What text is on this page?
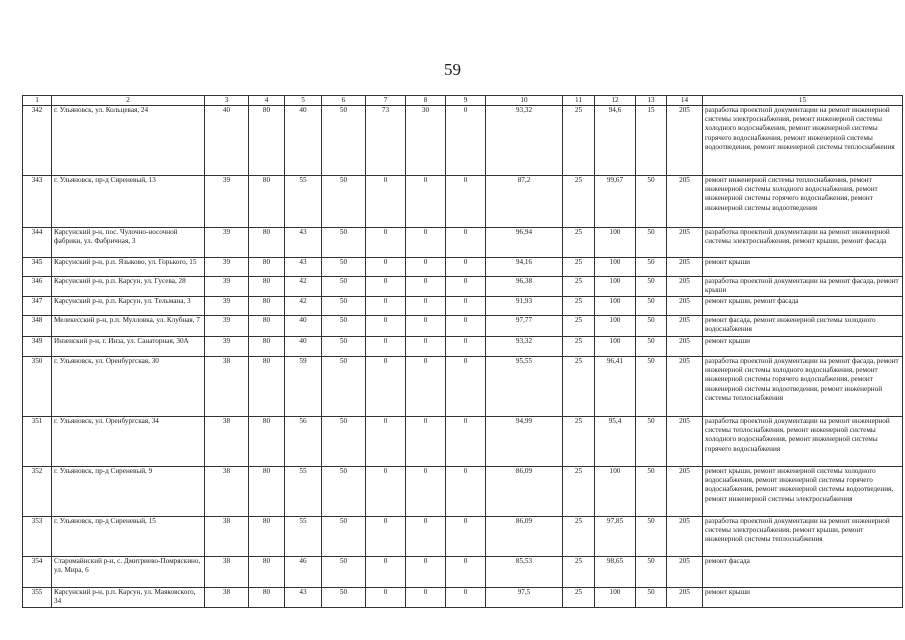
59
1	2	3	4	5	6	7	8	9	10	11	12	13	14	15
342	г. Ульяновск, ул. Кольцевая, 24	40	80	40	50	73	30	0	93,32	25	94,6	15	205	разработка проектной документации на ремонт инженерной системы электроснабжения, ремонт инженерной системы холодного водоснабжения, ремонт инженерной системы горячего водоснабжения, ремонт инженерной системы водоотведения, ремонт инженерной системы теплоснабжения
343	г. Ульяновск, пр-д Сиреневый, 13	39	80	55	50	0	0	0	87,2	25	99,67	50	205	ремонт инженерной системы теплоснабжения, ремонт инженерной системы холодного водоснабжения, ремонт инженерной системы горячего водоснабжения, ремонт инженерной системы водоотведения
344	Карсунский р-н, пос. Чулочно-носочной фабрики, ул. Фабричная, 3	39	80	43	50	0	0	0	96,94	25	100	50	205	разработка проектной документации на ремонт инженерной системы электроснабжения, ремонт крыши, ремонт фасада
345	Карсунский р-н, р.п. Языково, ул. Горького, 15	39	80	43	50	0	0	0	94,16	25	100	50	205	ремонт крыши
346	Карсунский р-н, р.п. Карсун, ул. Гусева, 28	39	80	42	50	0	0	0	96,38	25	100	50	205	разработка проектной документации на ремонт фасада, ремонт крыши
347	Карсунский р-н, р.п. Карсун, ул. Тельмана, 3	39	80	42	50	0	0	0	91,93	25	100	50	205	ремонт крыши, ремонт фасада
348	Мелекесский р-н, р.п. Мулловка, ул. Клубная, 7	39	80	40	50	0	0	0	97,77	25	100	50	205	ремонт фасада, ремонт инженерной системы холодного водоснабжения
349	Инзенский р-н, г. Инза, ул. Санаторная, 30А	39	80	40	50	0	0	0	93,32	25	100	50	205	ремонт крыши
350	г. Ульяновск, ул. Оренбургская, 30	38	80	59	50	0	0	0	95,55	25	96,41	50	205	разработка проектной документации на ремонт фасада, ремонт инженерной системы холодного водоснабжения, ремонт инженерной системы горячего водоснабжения, ремонт инженерной системы водоотведения, ремонт инженерной системы теплоснабжения
351	г. Ульяновск, ул. Оренбургская, 34	38	80	56	50	0	0	0	94,99	25	95,4	50	205	разработка проектной документации на ремонт инженерной системы теплоснабжения, ремонт инженерной системы холодного водоснабжения, ремонт инженерной системы горячего водоснабжения
352	г. Ульяновск, пр-д Сиреневый, 9	38	80	55	50	0	0	0	86,09	25	100	50	205	ремонт крыши, ремонт инженерной системы холодного водоснабжения, ремонт инженерной системы горячего водоснабжения, ремонт инженерной системы водоотведения, ремонт инженерной системы электроснабжения
353	г. Ульяновск, пр-д Сиреневый, 15	38	80	55	50	0	0	0	86,09	25	97,85	50	205	разработка проектной документации на ремонт инженерной системы электроснабжения, ремонт крыши, ремонт инженерной системы теплоснабжения
354	Старомайнский р-н, с. Дмитриево-Помряскино, ул. Мира, 6	38	80	46	50	0	0	0	85,53	25	98,65	50	205	ремонт фасада
355	Карсунский р-н, р.п. Карсун, ул. Маяковского, 34	38	80	43	50	0	0	0	97,5	25	100	50	205	ремонт крыши
